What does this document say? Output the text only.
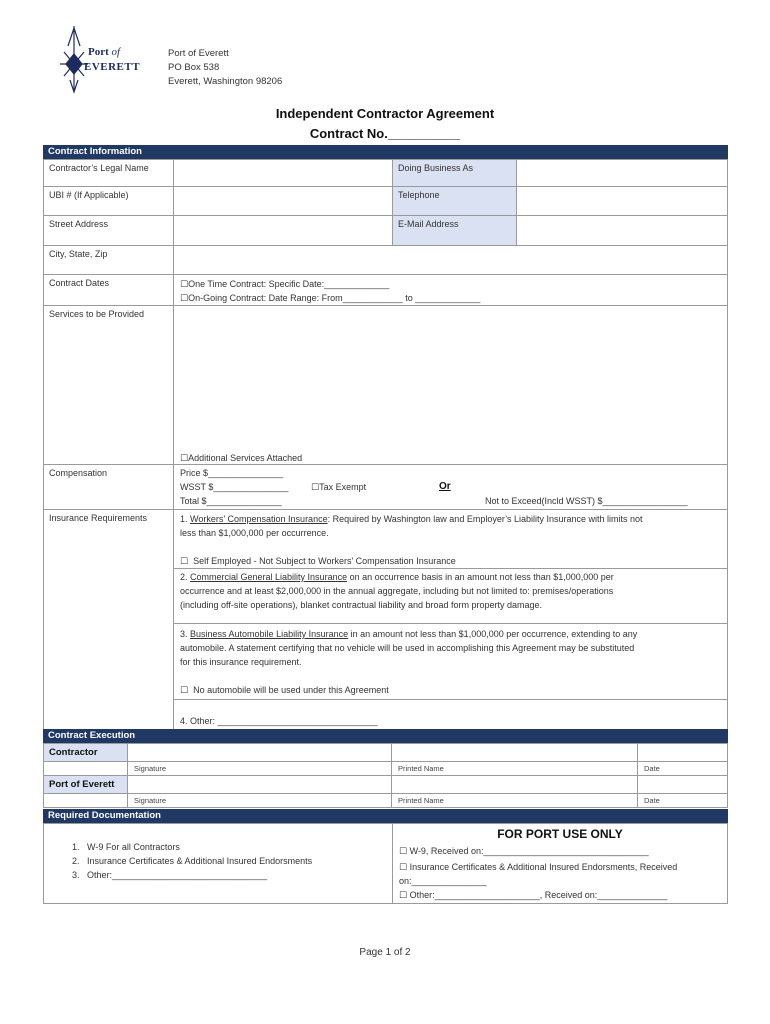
Port of
EVERETT
Port of Everett
PO Box 538
Everett, Washington 98206
Independent Contractor Agreement
Contract No.__________
Contract Information
Contractor’s Legal Name	Doing Business As
UBI # (If Applicable)	Telephone
Street Address	E-Mail Address
City, State, Zip
Contract Dates	☐One Time Contract: Specific Date:_____________
☐On-Going Contract: Date Range: From____________ to _____________
Services to be Provided
☐Additional Services Attached
Compensation	Price $_______________
WSST $_______________	☐Tax Exempt	Or
Total $_______________	Not to Exceed(Incld WSST) $_________________
Insurance Requirements	1. Workers’ Compensation Insurance: Required by Washington law and Employer’s Liability Insurance with limits not
less than $1,000,000 per occurrence.
☐ Self Employed - Not Subject to Workers’ Compensation Insurance
2. Commercial General Liability Insurance on an occurrence basis in an amount not less than $1,000,000 per
occurrence and at least $2,000,000 in the annual aggregate, including but not limited to: premises/operations
(including off-site operations), blanket contractual liability and broad form property damage.
3. Business Automobile Liability Insurance in an amount not less than $1,000,000 per occurrence, extending to any
automobile. A statement certifying that no vehicle will be used in accomplishing this Agreement may be substituted
for this insurance requirement.
☐ No automobile will be used under this Agreement
4. Other: ________________________________
Contract Execution
Contractor
Signature	Printed Name	Date
Port of Everett
Signature	Printed Name	Date
Required Documentation
1.   W-9 For all Contractors
2.   Insurance Certificates & Additional Insured Endorsments
3.   Other:_______________________________
FOR PORT USE ONLY
☐ W-9, Received on:_________________________________
☐ Insurance Certificates & Additional Insured Endorsments, Received
on:_______________
☐ Other:_____________________, Received on:______________
Page 1 of 2
